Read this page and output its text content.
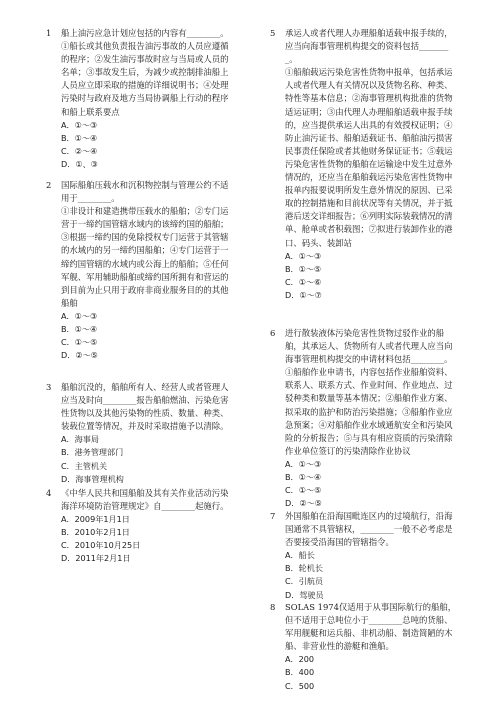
1	船上油污应急计划应包括的内容有________。
①船长或其他负责报告油污事故的人员应遵循的程序；②发生油污事故时应与当局或人员的名单；③事故发生后，为减少或控制排油船上人员应立即采取的措施的详细说明书；④处理污染时与政府及地方当局协调船上行动的程序和船上联系要点
A．①～③
B．①～④
C．②～④
D．①、③
2	国际船舶压载水和沉积物控制与管理公约不适用于________。
①非设计和建造携带压载水的船舶；②专门运营于一缔约国管辖水域内的该缔约国的船舶；③根据一缔约国的免除授权专门运营于其管辖的水域内的另一缔约国船舶；④专门运营于一缔约国管辖的水域内或公海上的船舶；⑤任何军舰、军用辅助船舶或缔约国所拥有和营运的到目前为止只用于政府非商业服务目的的其他船舶
A．①～③
B．①～④
C．①～⑤
D．②～⑤
3	船舶沉没的，船舶所有人、经营人或者管理人应当及时向________报告船舶燃油、污染危害性货物以及其他污染物的性质、数量、种类、装载位置等情况，并及时采取措施予以清除。
A．海事局
B．港务管理部门
C．主管机关
D．海事管理机构
4	《中华人民共和国船舶及其有关作业活动污染海洋环境防治管理规定》自________起施行。
A．2009年1月1日
B．2010年2月1日
C．2010年10月25日
D．2011年2月1日
5	承运人或者代理人办理船舶适载申报手续的，应当向海事管理机构提交的资料包括________。
①船舶载运污染危害性货物申报单，包括承运人或者代理人有关情况以及货物名称、种类、特性等基本信息；②海事管理机构批准的货物适运证明；③由代理人办理船舶适载申报手续的，应当提供承运人出具的有效授权证明；④防止油污证书、船舶适载证书、船舶油污损害民事责任保险或者其他财务保证证书；⑤载运污染危害性货物的船舶在运输途中发生过意外情况的，还应当在船舶载运污染危害性货物申报单内报要说明所发生意外情况的原因、已采取的控制措施和目前状况等有关情况，并于抵港后送交详细报告；⑥列明实际装载情况的清单、舱单或者积载图；⑦拟进行装卸作业的港口、码头、装卸站
A．①～③
B．①～⑤
C．①～⑥
D．①～⑦
6	进行散装液体污染危害性货物过驳作业的船舶，其承运人、货物所有人或者代理人应当向海事管理机构提交的申请材料包括________。
①船舶作业申请书，内容包括作业船舶资料、联系人、联系方式、作业时间、作业地点、过驳种类和数量等基本情况；②船舶作业方案、拟采取的监护和防治污染措施；③船舶作业应急预案；④对船舶作业水域通航安全和污染风险的分析报告；⑤与具有相应资质的污染清除作业单位签订的污染清除作业协议
A．①～③
B．①～④
C．①～⑤
D．②～⑤
7	外国船舶在沿海国毗连区内的过境航行，沿海国通常不具管辖权，________一般不必考虑是否要接受沿海国的管辖指令。
A．船长
B．轮机长
C．引航员
D．驾驶员
8	SOLAS 1974仅适用于从事国际航行的船舶，但不适用于总吨位小于________总吨的货船、军用舰艇和运兵船、非机动船、制造简陋的木船、非营业性的游艇和渔船。
A．200
B．400
C．500
